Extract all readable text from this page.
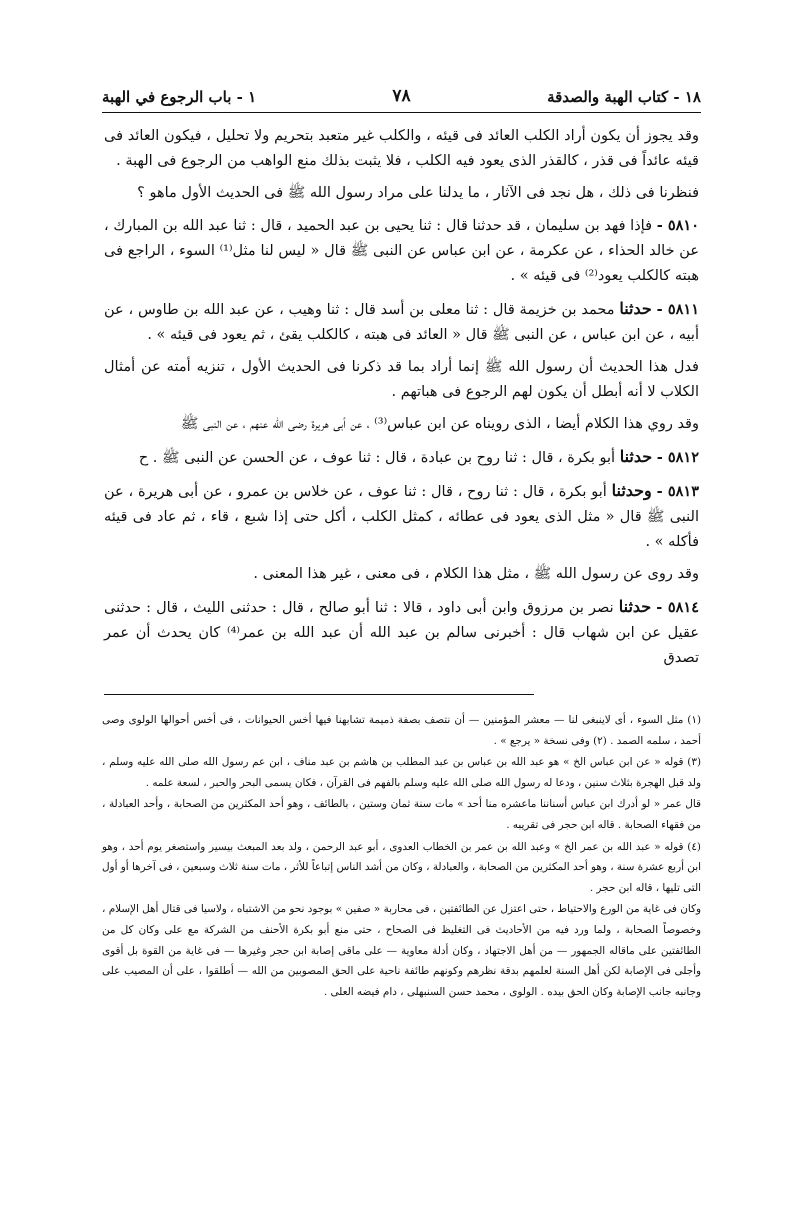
١٨ - كتاب الهبة والصدقة
٧٨
١ - باب الرجوع في الهبة

وقد يجوز أن يكون أراد الكلب العائد فى قيئه ، والكلب غير متعبد بتحريم ولا تحليل ، فيكون العائد فى قيئه عائداً فى قذر ، كالقذر الذى يعود فيه الكلب ، فلا يثبت بذلك منع الواهب من الرجوع فى الهبة .

فنظرنا فى ذلك ، هل نجد فى الآثار ، ما يدلنا على مراد رسول الله ﷺ فى الحديث الأول ماهو ؟

٥٨١٠ - فإذا فهد بن سليمان ، قد حدثنا قال : ثنا يحيى بن عبد الحميد ، قال : ثنا عبد الله بن المبارك ، عن خالد الحذاء ، عن عكرمة ، عن ابن عباس عن النبى ﷺ قال « ليس لنا مثل⁽¹⁾ السوء ، الراجع فى هبته كالكلب يعود⁽²⁾ فى قيئه » .

٥٨١١ - حدثنا محمد بن خزيمة قال : ثنا معلى بن أسد قال : ثنا وهيب ، عن عبد الله بن طاوس ، عن أبيه ، عن ابن عباس ، عن النبى ﷺ قال « العائد فى هبته ، كالكلب يقئ ، ثم يعود فى قيئه » .

فدل هذا الحديث أن رسول الله ﷺ إنما أراد بما قد ذكرنا فى الحديث الأول ، تنزيه أمته عن أمثال الكلاب لا أنه أبطل أن يكون لهم الرجوع فى هباتهم .

وقد روي هذا الكلام أيضا ، الذى رويناه عن ابن عباس⁽³⁾ ، عن أبى هريرة رضى الله عنهم ، عن النبى ﷺ

٥٨١٢ - حدثنا أبو بكرة ، قال : ثنا روح بن عبادة ، قال : ثنا عوف ، عن الحسن عن النبى ﷺ . ح

٥٨١٣ - وحدثنا أبو بكرة ، قال : ثنا روح ، قال : ثنا عوف ، عن خلاس بن عمرو ، عن أبى هريرة ، عن النبى ﷺ قال « مثل الذى يعود فى عطائه ، كمثل الكلب ، أكل حتى إذا شبع ، قاء ، ثم عاد فى قيئه فأكله » .

وقد روى عن رسول الله ﷺ ، مثل هذا الكلام ، فى معنى ، غير هذا المعنى .

٥٨١٤ - حدثنا نصر بن مرزوق وابن أبى داود ، قالا : ثنا أبو صالح ، قال : حدثنى الليث ، قال : حدثنى عقيل عن ابن شهاب قال : أخبرنى سالم بن عبد الله أن عبد الله بن عمر⁽⁴⁾ كان يحدث أن عمر تصدق

(١) مثل السوء ، أى لاينبغى لنا — معشر المؤمنين — أن نتصف بصفة ذميمة تشابهنا فيها أخس الحيوانات ، فى أخس أحوالها الولوى وصى أحمد ، سلمه الصمد . (٢) وفى نسخة « يرجع » .

(٣) قوله « عن ابن عباس الخ » هو عبد الله بن عباس بن عبد المطلب بن هاشم بن عبد مناف ، ابن عم رسول الله صلى الله عليه وسلم ، ولد قبل الهجرة بثلاث سنين ، ودعا له رسول الله صلى الله عليه وسلم بالفهم فى القرآن ، فكان يسمى البحر والحبر ، لسعة علمه .

قال عمر « لو أدرك ابن عباس أسناننا ماعشره منا أحد » مات سنة ثمان وستين ، بالطائف ، وهو أحد المكثرين من الصحابة ، وأحد العبادلة ، من فقهاء الصحابة . قاله ابن حجر فى تقريبه .

(٤) قوله « عبد الله بن عمر الخ » وعبد الله بن عمر بن الخطاب العدوى ، أبو عبد الرحمن ، ولد بعد المبعث بيسير واستصغر يوم أحد ، وهو ابن أربع عشرة سنة ، وهو أحد المكثرين من الصحابة ، والعبادلة ، وكان من أشد الناس إتباعاً للأثر ، مات سنة ثلاث وسبعين ، فى آخرها أو أول التى تليها ، قاله ابن حجر .

وكان فى غاية من الورع والاحتياط ، حتى اعتزل عن الطائفتين ، فى محاربة « صفين » بوجود نحو من الاشتباه ، ولاسيا فى قتال أهل الإسلام ، وخصوصاً الصحابة ، ولما ورد فيه من الأحاديث فى التغليظ فى الصحاح ، حتى منع أبو بكرة الأحنف من الشركة مع على وكان كل من الطائفتين على ماقاله الجمهور — من أهل الاجتهاد ، وكان أدلة معاوية — على ماقى إصابة ابن حجر وغيرها — فى غاية من القوة بل أقوى وأجلى فى الإصابة لكن أهل السنة لعلمهم بدقة نظرهم وكونهم طائفة ناحية على الحق المصوبين من الله — أطلقوا ، على أن المصيب على وجانبه جانب الإصابة وكان الحق بيده . الولوى ، محمد حسن السنبهلى ، دام فيضه العلى .
